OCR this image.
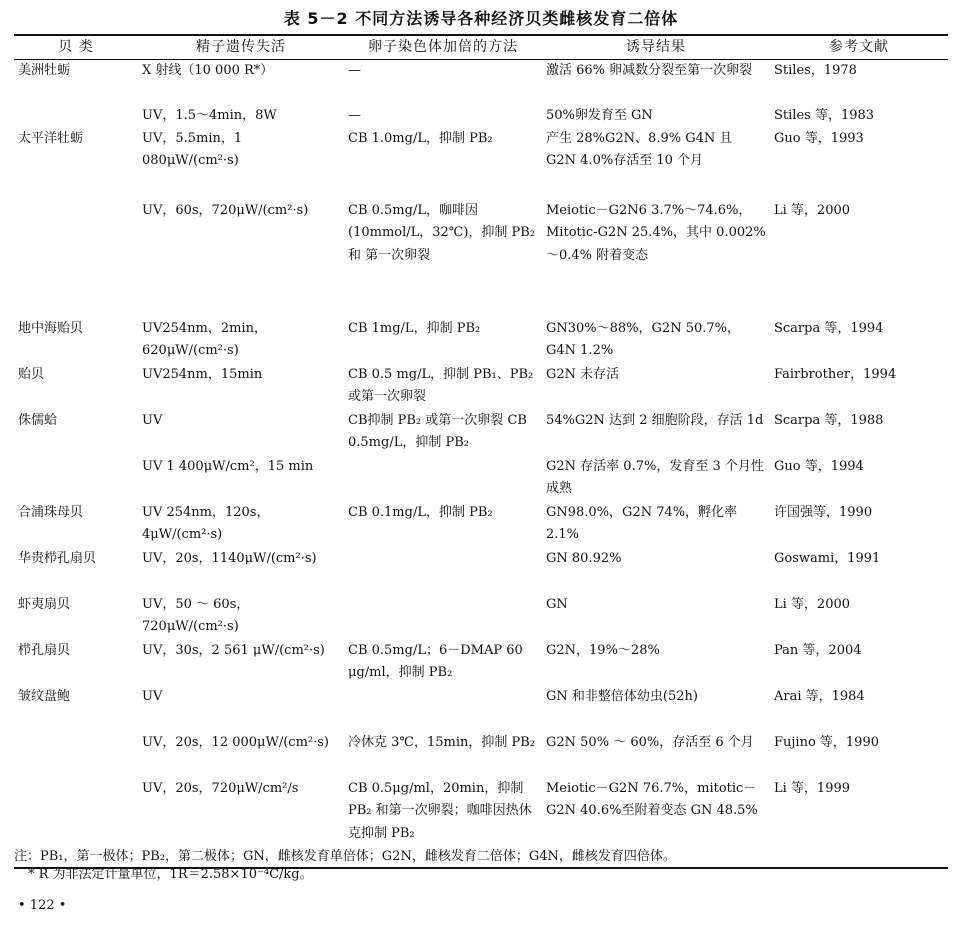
表 5－2 不同方法诱导各种经济贝类雌核发育二倍体
贝 类	精子遗传失活	卵子染色体加倍的方法	诱导结果	参考文献
美洲牡蛎	X 射线（10 000 R*）	—	激活 66% 卵减数分裂至第一次卵裂	Stiles，1978
	UV，1.5～4min，8W	—	50%卵发育至 GN	Stiles 等，1983
太平洋牡蛎	UV，5.5min，1 080μW/(cm²·s)	CB 1.0mg/L，抑制 PB₂	产生 28%G2N、8.9% G4N 且 G2N 4.0%存活至 10 个月	Guo 等，1993
	UV，60s，720μW/(cm²·s)	CB 0.5mg/L，咖啡因(10mmol/L，32℃)，抑制 PB₂ 和 第一次卵裂	Meiotic－G2N6 3.7%～74.6%，Mitotic-G2N 25.4%，其中 0.002%～0.4% 附着变态	Li 等，2000
地中海贻贝	UV254nm，2min，620μW/(cm²·s)	CB 1mg/L，抑制 PB₂	GN30%～88%，G2N 50.7%，G4N 1.2%	Scarpa 等，1994
贻贝	UV254nm，15min	CB 0.5 mg/L，抑制 PB₁、PB₂ 或第一次卵裂	G2N 未存活	Fairbrother，1994
侏儒蛤	UV	CB抑制 PB₂ 或第一次卵裂 CB 0.5mg/L，抑制 PB₂	54%G2N 达到 2 细胞阶段，存活 1d	Scarpa 等，1988
	UV 1 400μW/cm²，15 min		G2N 存活率 0.7%，发育至 3 个月性成熟	Guo 等，1994
合浦珠母贝	UV 254nm，120s，4μW/(cm²·s)	CB 0.1mg/L，抑制 PB₂	GN98.0%，G2N 74%，孵化率 2.1%	许国强等，1990
华贵栉孔扇贝	UV，20s，1140μW/(cm²·s)		GN 80.92%	Goswami，1991
虾夷扇贝	UV，50 ～ 60s，720μW/(cm²·s)		GN	Li 等，2000
栉孔扇贝	UV，30s，2 561 μW/(cm²·s)	CB 0.5mg/L；6－DMAP 60 μg/ml，抑制 PB₂	G2N，19%～28%	Pan 等，2004
皱纹盘鲍	UV		GN 和非整倍体幼虫(52h)	Arai 等，1984
	UV，20s，12 000μW/(cm²·s)	冷休克 3℃，15min，抑制 PB₂	G2N 50% ～ 60%，存活至 6 个月	Fujino 等，1990
	UV，20s，720μW/cm²/s	CB 0.5μg/ml，20min，抑制 PB₂ 和第一次卵裂；咖啡因热休克抑制 PB₂	Meiotic－G2N 76.7%，mitotic－G2N 40.6%至附着变态 GN 48.5%	Li 等，1999
注：PB₁，第一极体；PB₂，第二极体；GN，雌核发育单倍体；G2N，雌核发育二倍体；G4N，雌核发育四倍体。
* R 为非法定计量单位，1R＝2.58×10⁻⁴C/kg。
• 122 •
